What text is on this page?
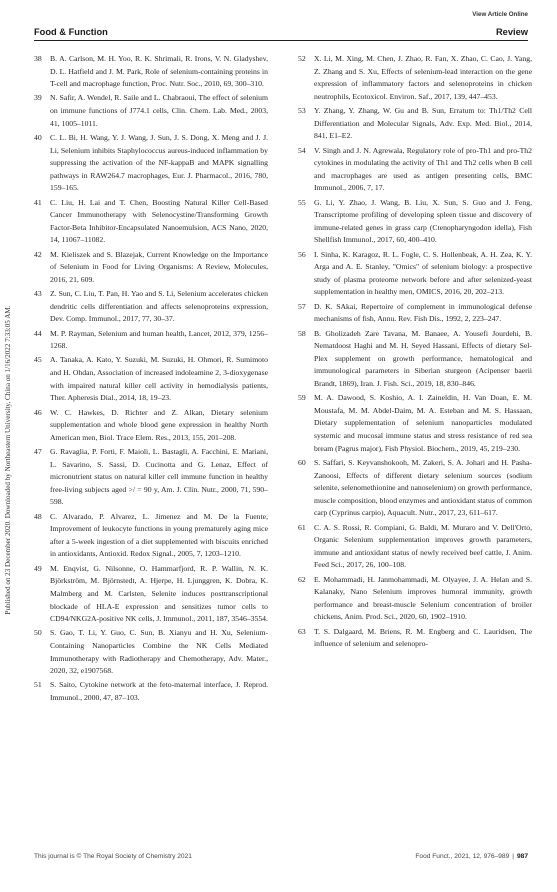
Published on 23 December 2020. Downloaded by Northeastern University, China on 1/16/2022 7:33:05 AM.
View Article Online
Food & Function	Review

38 B. A. Carlson, M. H. Yoo, R. K. Shrimali, R. Irons, V. N. Gladyshev, D. L. Hatfield and J. M. Park, Role of selenium-containing proteins in T-cell and macrophage function, Proc. Nutr. Soc., 2010, 69, 300–310.

39 N. Safir, A. Wendel, R. Saile and L. Chabraoui, The effect of selenium on immune functions of J774.1 cells, Clin. Chem. Lab. Med., 2003, 41, 1005–1011.

40 C. L. Bi, H. Wang, Y. J. Wang, J. Sun, J. S. Dong, X. Meng and J. J. Li, Selenium inhibits Staphylococcus aureus-induced inflammation by suppressing the activation of the NF-kappaB and MAPK signalling pathways in RAW264.7 macrophages, Eur. J. Pharmacol., 2016, 780, 159–165.

41 C. Liu, H. Lai and T. Chen, Boosting Natural Killer Cell-Based Cancer Immunotherapy with Selenocystine/Transforming Growth Factor-Beta Inhibitor-Encapsulated Nanoemulsion, ACS Nano, 2020, 14, 11067–11082.

42 M. Kieliszek and S. Blazejak, Current Knowledge on the Importance of Selenium in Food for Living Organisms: A Review, Molecules, 2016, 21, 609.

43 Z. Sun, C. Liu, T. Pan, H. Yao and S. Li, Selenium accelerates chicken dendritic cells differentiation and affects selenoproteins expression, Dev. Comp. Immunol., 2017, 77, 30–37.

44 M. P. Rayman, Selenium and human health, Lancet, 2012, 379, 1256–1268.

45 A. Tanaka, A. Kato, Y. Suzuki, M. Suzuki, H. Ohmori, R. Sumimoto and H. Ohdan, Association of increased indoleamine 2, 3-dioxygenase with impaired natural killer cell activity in hemodialysis patients, Ther. Apheresis Dial., 2014, 18, 19–23.

46 W. C. Hawkes, D. Richter and Z. Alkan, Dietary selenium supplementation and whole blood gene expression in healthy North American men, Biol. Trace Elem. Res., 2013, 155, 201–208.

47 G. Ravaglia, P. Forti, F. Maioli, L. Bastagli, A. Facchini, E. Mariani, L. Savarino, S. Sassi, D. Cucinotta and G. Lenaz, Effect of micronutrient status on natural killer cell immune function in healthy free-living subjects aged >/ = 90 y, Am. J. Clin. Nutr., 2000, 71, 590–598.

48 C. Alvarado, P. Alvarez, L. Jimenez and M. De la Fuente, Improvement of leukocyte functions in young prematurely aging mice after a 5-week ingestion of a diet supplemented with biscuits enriched in antioxidants, Antioxid. Redox Signal., 2005, 7, 1203–1210.

49 M. Enqvist, G. Nilsonne, O. Hammarfjord, R. P. Wallin, N. K. Björkström, M. Björnstedt, A. Hjerpe, H. Ljunggren, K. Dobra, K. Malmberg and M. Carlsten, Selenite induces posttranscriptional blockade of HLA-E expression and sensitizes tumor cells to CD94/NKG2A-positive NK cells, J. Immunol., 2011, 187, 3546–3554.

50 S. Gao, T. Li, Y. Guo, C. Sun, B. Xianyu and H. Xu, Selenium-Containing Nanoparticles Combine the NK Cells Mediated Immunotherapy with Radiotherapy and Chemotherapy, Adv. Mater., 2020, 32, e1907568.

51 S. Saito, Cytokine network at the feto-maternal interface, J. Reprod. Immunol., 2000, 47, 87–103.

52 X. Li, M. Xing, M. Chen, J. Zhao, R. Fan, X. Zhao, C. Cao, J. Yang, Z. Zhang and S. Xu, Effects of selenium-lead interaction on the gene expression of inflammatory factors and selenoproteins in chicken neutrophils, Ecotoxicol. Environ. Saf., 2017, 139, 447–453.

53 Y. Zhang, Y. Zhang, W. Gu and B. Sun, Erratum to: Th1/Th2 Cell Differentiation and Molecular Signals, Adv. Exp. Med. Biol., 2014, 841, E1–E2.

54 V. Singh and J. N. Agrewala, Regulatory role of pro-Th1 and pro-Th2 cytokines in modulating the activity of Th1 and Th2 cells when B cell and macrophages are used as antigen presenting cells, BMC Immunol., 2006, 7, 17.

55 G. Li, Y. Zhao, J. Wang, B. Liu, X. Sun, S. Guo and J. Feng, Transcriptome profiling of developing spleen tissue and discovery of immune-related genes in grass carp (Ctenopharyngodon idella), Fish Shellfish Immunol., 2017, 60, 400–410.

56 I. Sinha, K. Karagoz, R. L. Fogle, C. S. Hollenbeak, A. H. Zea, K. Y. Arga and A. E. Stanley, "Omics" of selenium biology: a prospective study of plasma proteome network before and after selenized-yeast supplementation in healthy men, OMICS, 2016, 20, 202–213.

57 D. K. SAkai, Repertoire of complement in immunological defense mechanisms of fish, Annu. Rev. Fish Dis., 1992, 2, 223–247.

58 B. Gholizadeh Zare Tavana, M. Banaee, A. Yousefi Jourdehi, B. Nematdoost Haghi and M. H. Seyed Hassani, Effects of dietary Sel-Plex supplement on growth performance, hematological and immunological parameters in Siberian sturgeon (Acipenser baerii Brandt, 1869), Iran. J. Fish. Sci., 2019, 18, 830–846.

59 M. A. Dawood, S. Koshio, A. I. Zaineldin, H. Van Doan, E. M. Moustafa, M. M. Abdel-Daim, M. A. Esteban and M. S. Hassaan, Dietary supplementation of selenium nanoparticles modulated systemic and mucosal immune status and stress resistance of red sea bream (Pagrus major), Fish Physiol. Biochem., 2019, 45, 219–230.

60 S. Saffari, S. Keyvanshokooh, M. Zakeri, S. A. Johari and H. Pasha-Zanoosi, Effects of different dietary selenium sources (sodium selenite, selenomethionine and nanoselenium) on growth performance, muscle composition, blood enzymes and antioxidant status of common carp (Cyprinus carpio), Aquacult. Nutr., 2017, 23, 611–617.

61 C. A. S. Rossi, R. Compiani, G. Baldi, M. Muraro and V. Dell'Orto, Organic Selenium supplementation improves growth parameters, immune and antioxidant status of newly received beef cattle, J. Anim. Feed Sci., 2017, 26, 100–108.

62 E. Mohammadi, H. Janmohammadi, M. Olyayee, J. A. Helan and S. Kalanaky, Nano Selenium improves humoral immunity, growth performance and breast-muscle Selenium concentration of broiler chickens, Anim. Prod. Sci., 2020, 60, 1902–1910.

63 T. S. Dalgaard, M. Briens, R. M. Engberg and C. Lauridsen, The influence of selenium and selenopro-

This journal is © The Royal Society of Chemistry 2021	Food Funct., 2021, 12, 976–989 | 987
